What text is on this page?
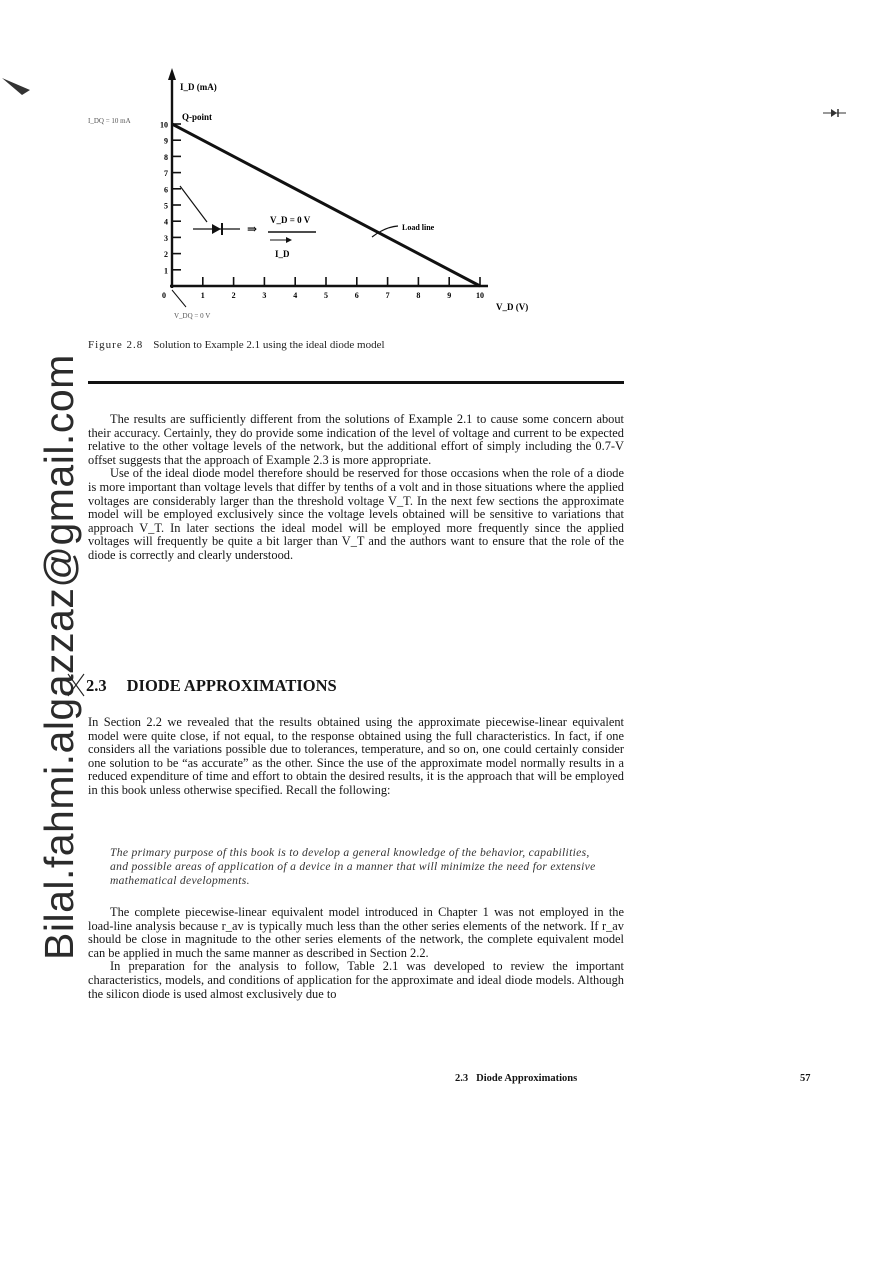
Bilal.fahmi.algazzaz@gmail.com
1
2
3
4
5
6
7
8
9
10
0	1	2	3	4	5	6	7	8	9	10
I_D (mA)
V_D (V)
Q-point
I_DQ = 10 mA
V_DQ = 0 V
⇒
V_D = 0 V
I_D
Load line
Figure 2.8 Solution to Example 2.1 using the ideal diode model

The results are sufficiently different from the solutions of Example 2.1 to cause some concern about their accuracy. Certainly, they do provide some indication of the level of voltage and current to be expected relative to the other voltage levels of the network, but the additional effort of simply including the 0.7-V offset suggests that the approach of Example 2.3 is more appropriate.

Use of the ideal diode model therefore should be reserved for those occasions when the role of a diode is more important than voltage levels that differ by tenths of a volt and in those situations where the applied voltages are considerably larger than the threshold voltage V_T. In the next few sections the approximate model will be employed exclusively since the voltage levels obtained will be sensitive to variations that approach V_T. In later sections the ideal model will be employed more frequently since the applied voltages will frequently be quite a bit larger than V_T and the authors want to ensure that the role of the diode is correctly and clearly understood.

2.3 DIODE APPROXIMATIONS

In Section 2.2 we revealed that the results obtained using the approximate piecewise-linear equivalent model were quite close, if not equal, to the response obtained using the full characteristics. In fact, if one considers all the variations possible due to tolerances, temperature, and so on, one could certainly consider one solution to be “as accurate” as the other. Since the use of the approximate model normally results in a reduced expenditure of time and effort to obtain the desired results, it is the approach that will be employed in this book unless otherwise specified. Recall the following:

The primary purpose of this book is to develop a general knowledge of the behavior, capabilities, and possible areas of application of a device in a manner that will minimize the need for extensive mathematical developments.

The complete piecewise-linear equivalent model introduced in Chapter 1 was not employed in the load-line analysis because r_av is typically much less than the other series elements of the network. If r_av should be close in magnitude to the other series elements of the network, the complete equivalent model can be applied in much the same manner as described in Section 2.2.

In preparation for the analysis to follow, Table 2.1 was developed to review the important characteristics, models, and conditions of application for the approximate and ideal diode models. Although the silicon diode is used almost exclusively due to

2.3 Diode Approximations	57
